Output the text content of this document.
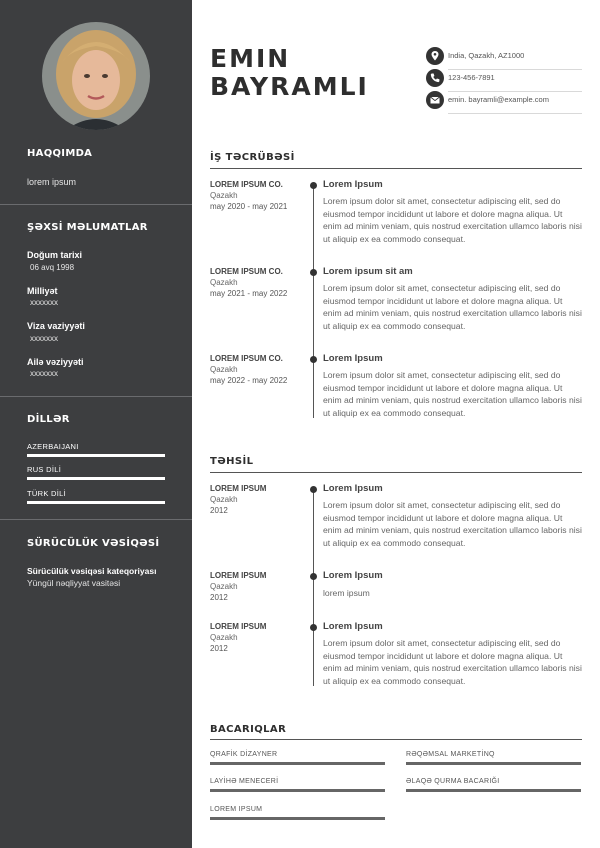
HAQQIMDA
lorem ipsum
ŞƏXSİ MƏLUMATLAR
Doğum tarixi
06 avq 1998
Milliyət
xxxxxxx
Viza vaziyyəti
xxxxxxx
Ailə vəziyyəti
xxxxxxx
DİLLƏR
AZERBAIJANI
RUS DİLİ
TÜRK DİLİ
SÜRÜCÜLÜK VƏSİQƏSİ
Sürücülük vəsiqəsi kateqoriyası
Yüngül nəqliyyat vasitəsi
EMIN
BAYRAMLI
India, Qazakh, AZ1000
123-456-7891
emin. bayramli@example.com
İŞ TƏCRÜBƏSİ
LOREM IPSUM CO.
Qazakh
may 2020 - may 2021
Lorem Ipsum
Lorem ipsum dolor sit amet, consectetur adipiscing elit, sed do eiusmod tempor incididunt ut labore et dolore magna aliqua. Ut enim ad minim veniam, quis nostrud exercitation ullamco laboris nisi ut aliquip ex ea commodo consequat.
LOREM IPSUM CO.
Qazakh
may 2021 - may 2022
Lorem ipsum sit am
Lorem ipsum dolor sit amet, consectetur adipiscing elit, sed do eiusmod tempor incididunt ut labore et dolore magna aliqua. Ut enim ad minim veniam, quis nostrud exercitation ullamco laboris nisi ut aliquip ex ea commodo consequat.
LOREM IPSUM CO.
Qazakh
may 2022 - may 2022
Lorem Ipsum
Lorem ipsum dolor sit amet, consectetur adipiscing elit, sed do eiusmod tempor incididunt ut labore et dolore magna aliqua. Ut enim ad minim veniam, quis nostrud exercitation ullamco laboris nisi ut aliquip ex ea commodo consequat.
TƏHSİL
LOREM IPSUM
Qazakh
2012
Lorem Ipsum
Lorem ipsum dolor sit amet, consectetur adipiscing elit, sed do eiusmod tempor incididunt ut labore et dolore magna aliqua. Ut enim ad minim veniam, quis nostrud exercitation ullamco laboris nisi ut aliquip ex ea commodo consequat.
LOREM IPSUM
Qazakh
2012
Lorem Ipsum
lorem ipsum
LOREM IPSUM
Qazakh
2012
Lorem Ipsum
Lorem ipsum dolor sit amet, consectetur adipiscing elit, sed do eiusmod tempor incididunt ut labore et dolore magna aliqua. Ut enim ad minim veniam, quis nostrud exercitation ullamco laboris nisi ut aliquip ex ea commodo consequat.
BACARIQLAR
QRAFİK DİZAYNER	RƏQƏMSAL MARKETİNQ
LAYİHƏ MENECERİ	ƏLAQƏ QURMA BACARIĞI
LOREM IPSUM
